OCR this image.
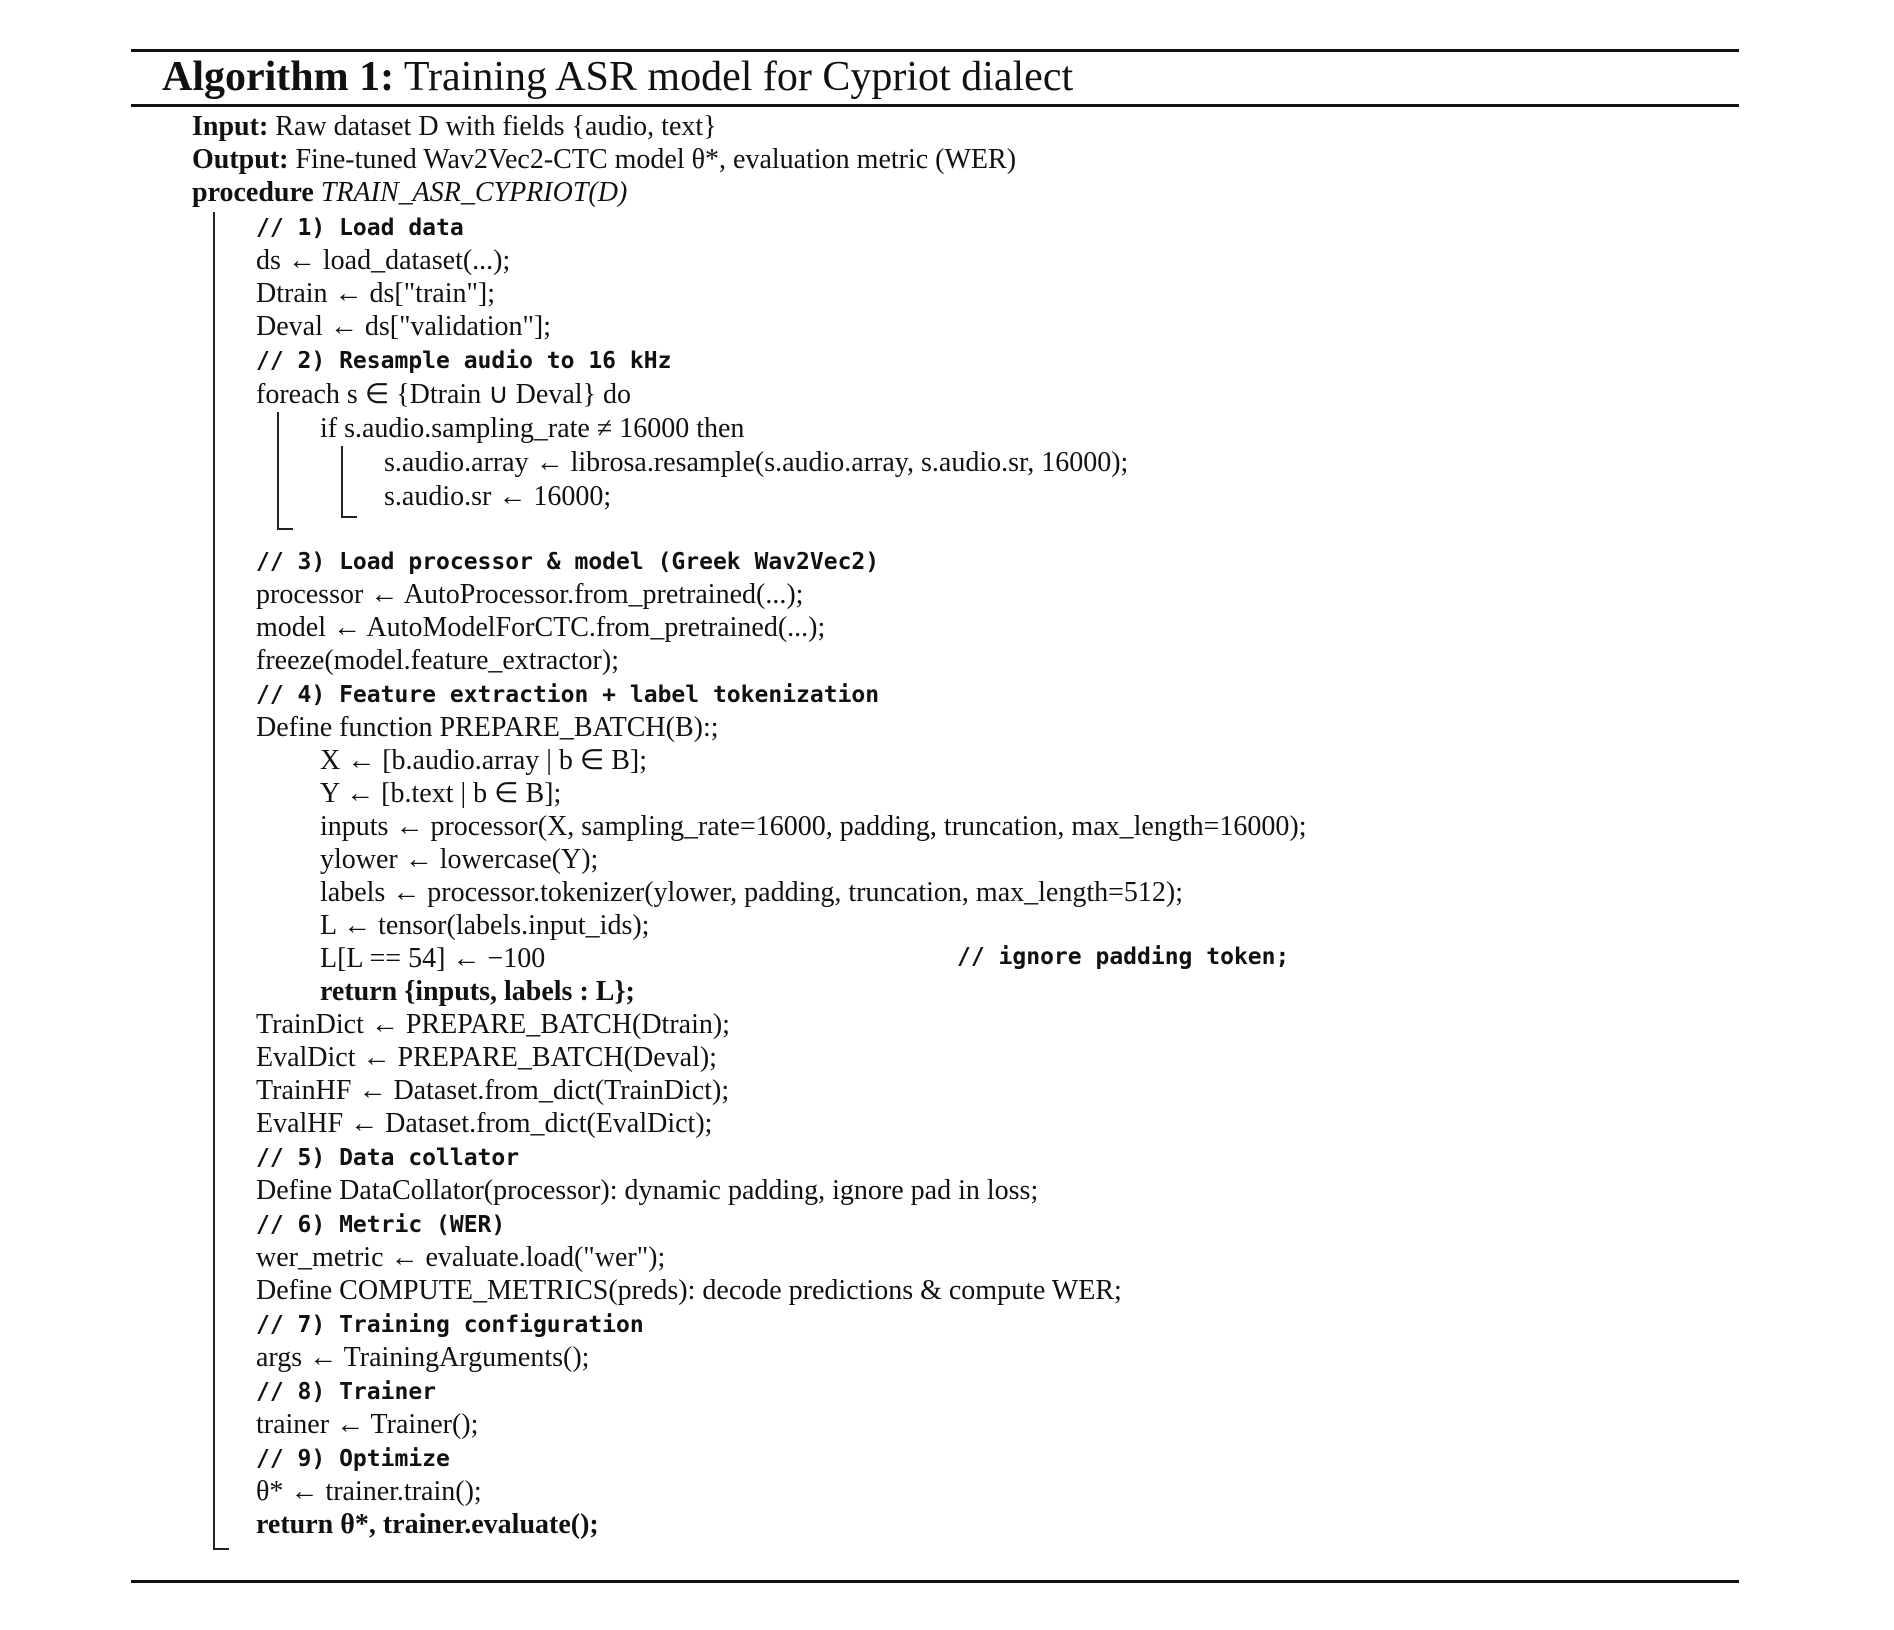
Algorithm 1: Training ASR model for Cypriot dialect
Input: Raw dataset D with fields {audio, text}
Output: Fine-tuned Wav2Vec2-CTC model θ*, evaluation metric (WER)
procedure TRAIN_ASR_CYPRIOT(D)
// 1) Load data
ds ← load_dataset(...);
Dtrain ← ds["train"];
Deval ← ds["validation"];
// 2) Resample audio to 16 kHz
foreach s ∈ {Dtrain ∪ Deval} do
if s.audio.sampling_rate ≠ 16000 then
s.audio.array ← librosa.resample(s.audio.array, s.audio.sr, 16000);
s.audio.sr ← 16000;
// 3) Load processor & model (Greek Wav2Vec2)
processor ← AutoProcessor.from_pretrained(...);
model ← AutoModelForCTC.from_pretrained(...);
freeze(model.feature_extractor);
// 4) Feature extraction + label tokenization
Define function PREPARE_BATCH(B):;
X ← [b.audio.array | b ∈ B];
Y ← [b.text | b ∈ B];
inputs ← processor(X, sampling_rate=16000, padding, truncation, max_length=16000);
ylower ← lowercase(Y);
labels ← processor.tokenizer(ylower, padding, truncation, max_length=512);
L ← tensor(labels.input_ids);
L[L == 54] ← −100	// ignore padding token;
return {inputs, labels : L};
TrainDict ← PREPARE_BATCH(Dtrain);
EvalDict ← PREPARE_BATCH(Deval);
TrainHF ← Dataset.from_dict(TrainDict);
EvalHF ← Dataset.from_dict(EvalDict);
// 5) Data collator
Define DataCollator(processor): dynamic padding, ignore pad in loss;
// 6) Metric (WER)
wer_metric ← evaluate.load("wer");
Define COMPUTE_METRICS(preds): decode predictions & compute WER;
// 7) Training configuration
args ← TrainingArguments();
// 8) Trainer
trainer ← Trainer();
// 9) Optimize
θ* ← trainer.train();
return θ*, trainer.evaluate();
